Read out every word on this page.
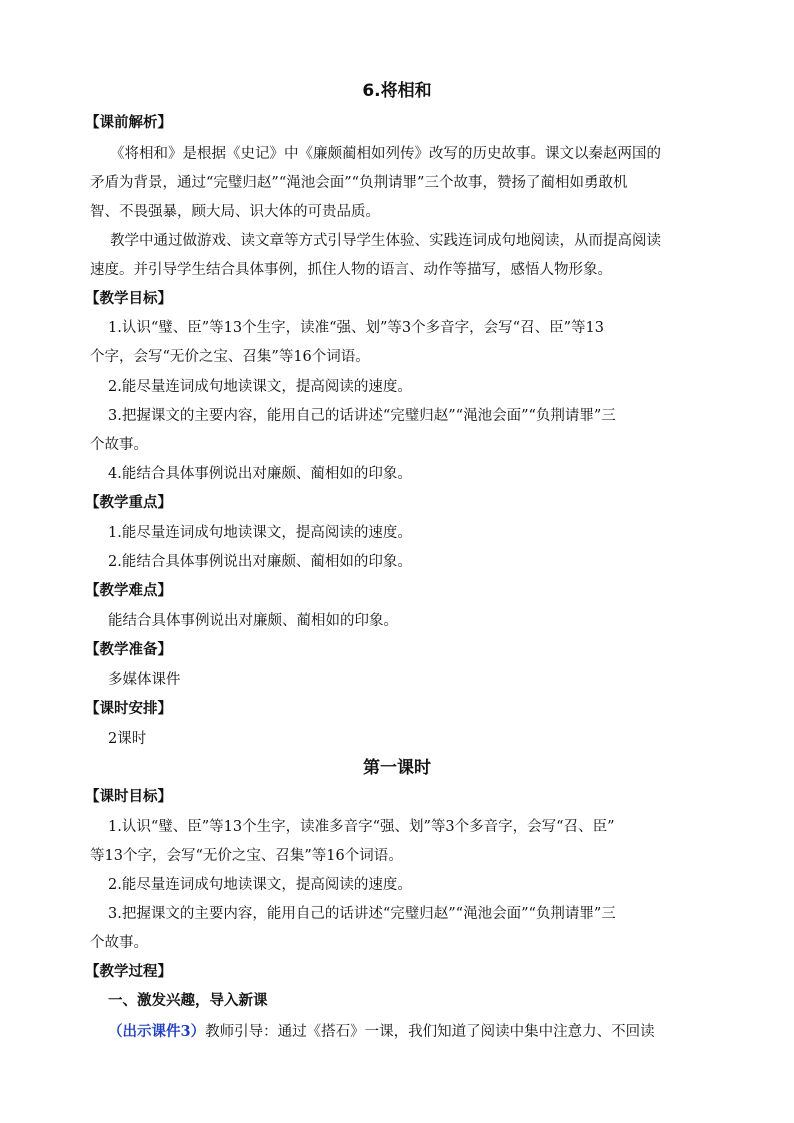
6.将相和
【课前解析】
《将相和》是根据《史记》中《廉颇蔺相如列传》改写的历史故事。课文以秦赵两国的
矛盾为背景，通过“完璧归赵”“渑池会面”“负荆请罪”三个故事，赞扬了蔺相如勇敢机
智、不畏强暴，顾大局、识大体的可贵品质。
教学中通过做游戏、读文章等方式引导学生体验、实践连词成句地阅读，从而提高阅读
速度。并引导学生结合具体事例，抓住人物的语言、动作等描写，感悟人物形象。
【教学目标】
1.认识“璧、臣”等13个生字，读准“强、划”等3个多音字，会写“召、臣”等13
个字，会写“无价之宝、召集”等16个词语。
2.能尽量连词成句地读课文，提高阅读的速度。
3.把握课文的主要内容，能用自己的话讲述“完璧归赵”“渑池会面”“负荆请罪”三
个故事。
4.能结合具体事例说出对廉颇、蔺相如的印象。
【教学重点】
1.能尽量连词成句地读课文，提高阅读的速度。
2.能结合具体事例说出对廉颇、蔺相如的印象。
【教学难点】
能结合具体事例说出对廉颇、蔺相如的印象。
【教学准备】
多媒体课件
【课时安排】
2课时
第一课时
【课时目标】
1.认识“璧、臣”等13个生字，读准多音字“强、划”等3个多音字，会写“召、臣”
等13个字，会写“无价之宝、召集”等16个词语。
2.能尽量连词成句地读课文，提高阅读的速度。
3.把握课文的主要内容，能用自己的话讲述“完璧归赵”“渑池会面”“负荆请罪”三
个故事。
【教学过程】
一、激发兴趣，导入新课
（出示课件3）教师引导：通过《搭石》一课，我们知道了阅读中集中注意力、不回读
